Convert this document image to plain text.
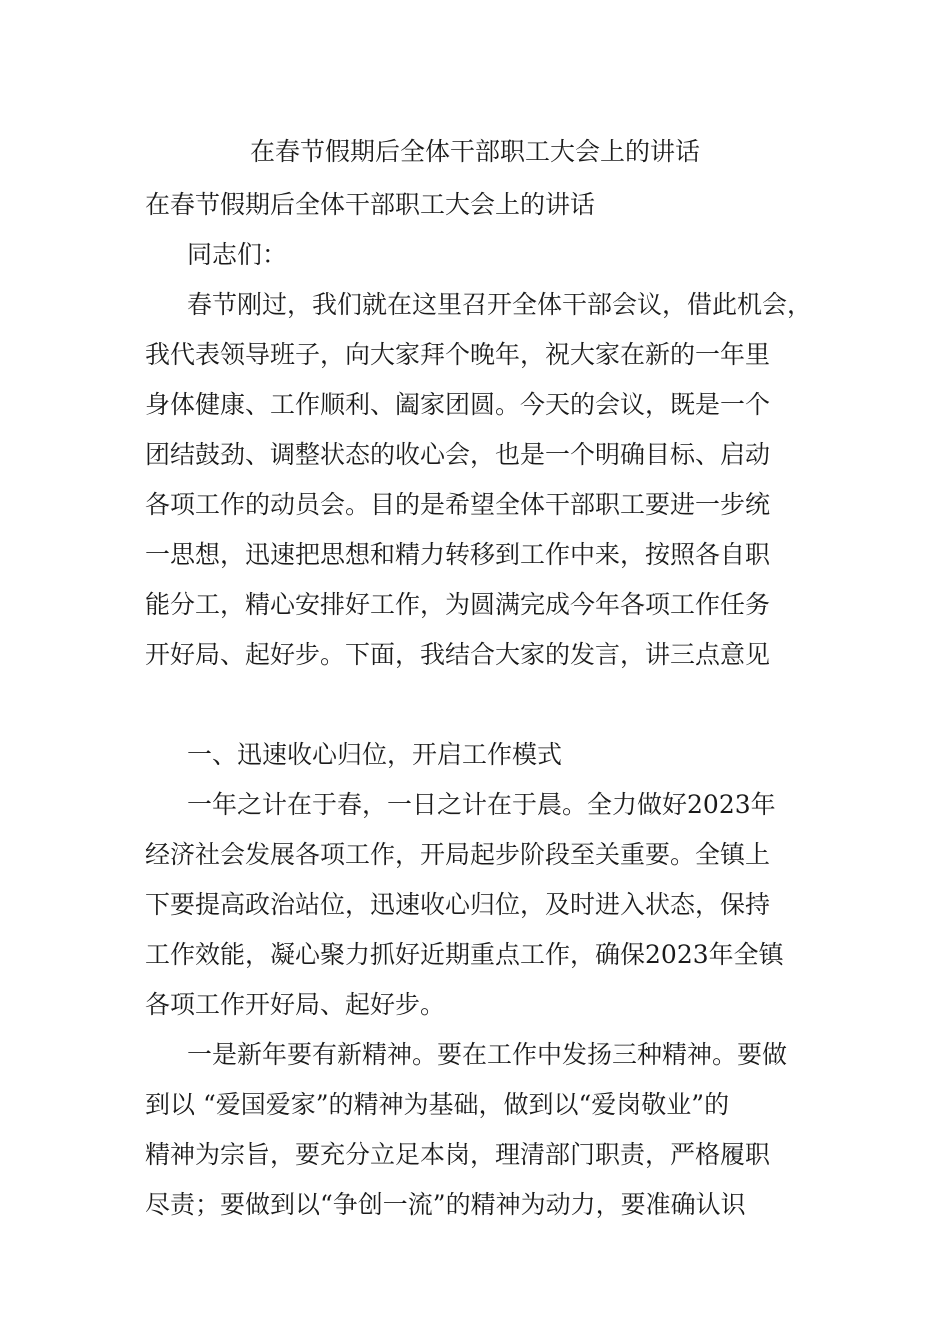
在春节假期后全体干部职工大会上的讲话

在春节假期后全体干部职工大会上的讲话

同志们：

春节刚过，我们就在这里召开全体干部会议，借此机会，

我代表领导班子，向大家拜个晚年，祝大家在新的一年里

身体健康、工作顺利、阖家团圆。今天的会议，既是一个

团结鼓劲、调整状态的收心会，也是一个明确目标、启动

各项工作的动员会。目的是希望全体干部职工要进一步统

一思想，迅速把思想和精力转移到工作中来，按照各自职

能分工，精心安排好工作，为圆满完成今年各项工作任务

开好局、起好步。下面，我结合大家的发言，讲三点意见

一、迅速收心归位，开启工作模式

一年之计在于春，一日之计在于晨。全力做好2023年

经济社会发展各项工作，开局起步阶段至关重要。全镇上

下要提高政治站位，迅速收心归位，及时进入状态，保持

工作效能，凝心聚力抓好近期重点工作，确保2023年全镇

各项工作开好局、起好步。

一是新年要有新精神。要在工作中发扬三种精神。要做

到以 “爱国爱家”的精神为基础，做到以“爱岗敬业”的

精神为宗旨，要充分立足本岗，理清部门职责，严格履职

尽责；要做到以“争创一流”的精神为动力，要准确认识
